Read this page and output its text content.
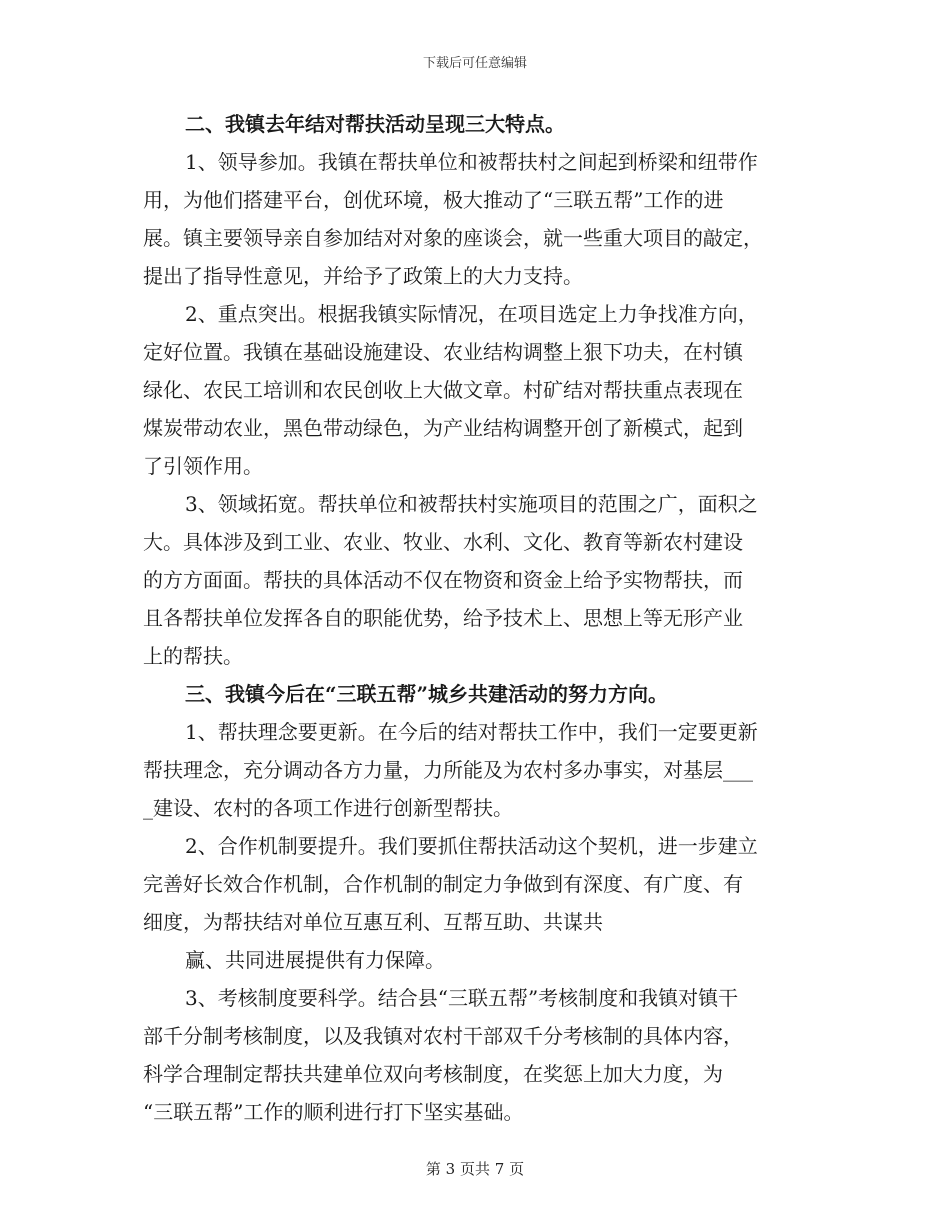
下载后可任意编辑

二、我镇去年结对帮扶活动呈现三大特点。

1、领导参加。我镇在帮扶单位和被帮扶村之间起到桥梁和纽带作
用，为他们搭建平台，创优环境，极大推动了“三联五帮”工作的进
展。镇主要领导亲自参加结对对象的座谈会，就一些重大项目的敲定，
提出了指导性意见，并给予了政策上的大力支持。

2、重点突出。根据我镇实际情况，在项目选定上力争找准方向，
定好位置。我镇在基础设施建设、农业结构调整上狠下功夫，在村镇
绿化、农民工培训和农民创收上大做文章。村矿结对帮扶重点表现在
煤炭带动农业，黑色带动绿色，为产业结构调整开创了新模式，起到
了引领作用。

3、领域拓宽。帮扶单位和被帮扶村实施项目的范围之广，面积之
大。具体涉及到工业、农业、牧业、水利、文化、教育等新农村建设
的方方面面。帮扶的具体活动不仅在物资和资金上给予实物帮扶，而
且各帮扶单位发挥各自的职能优势，给予技术上、思想上等无形产业
上的帮扶。

三、我镇今后在“三联五帮”城乡共建活动的努力方向。

1、帮扶理念要更新。在今后的结对帮扶工作中，我们一定要更新
帮扶理念，充分调动各方力量，力所能及为农村多办事实，对基层___
_建设、农村的各项工作进行创新型帮扶。

2、合作机制要提升。我们要抓住帮扶活动这个契机，进一步建立
完善好长效合作机制，合作机制的制定力争做到有深度、有广度、有
细度，为帮扶结对单位互惠互利、互帮互助、共谋共

赢、共同进展提供有力保障。

3、考核制度要科学。结合县“三联五帮”考核制度和我镇对镇干
部千分制考核制度，以及我镇对农村干部双千分考核制的具体内容，
科学合理制定帮扶共建单位双向考核制度，在奖惩上加大力度，为
“三联五帮”工作的顺利进行打下坚实基础。

第 3 页共 7 页
